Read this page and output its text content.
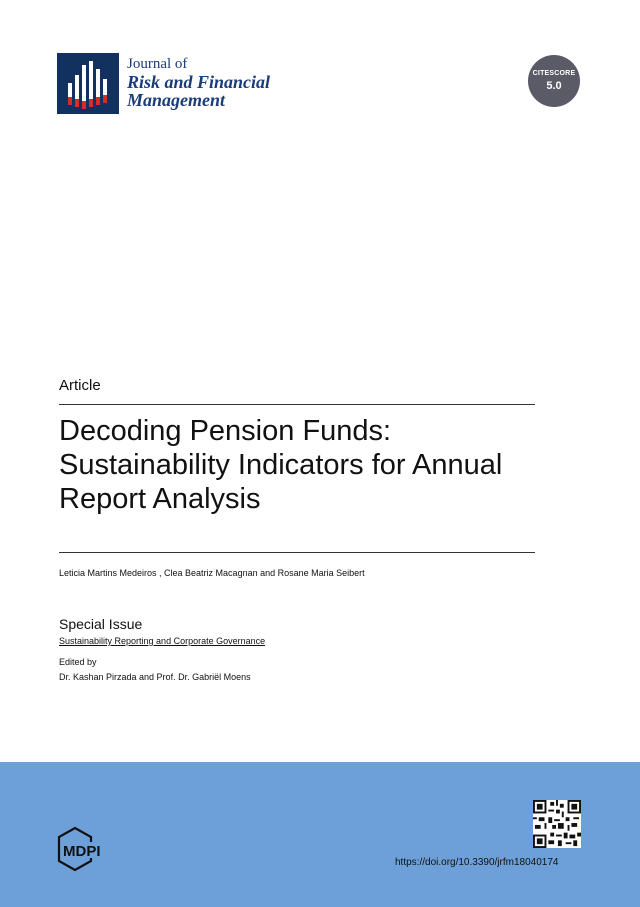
Journal of
Risk and Financial
Management
CITESCORE
5.0
Article
Decoding Pension Funds: Sustainability Indicators for Annual Report Analysis
Leticia Martins Medeiros , Clea Beatriz Macagnan and Rosane Maria Seibert
Special Issue
Sustainability Reporting and Corporate Governance
Edited by
Dr. Kashan Pirzada and Prof. Dr. Gabriël Moens
MDPI
https://doi.org/10.3390/jrfm18040174
